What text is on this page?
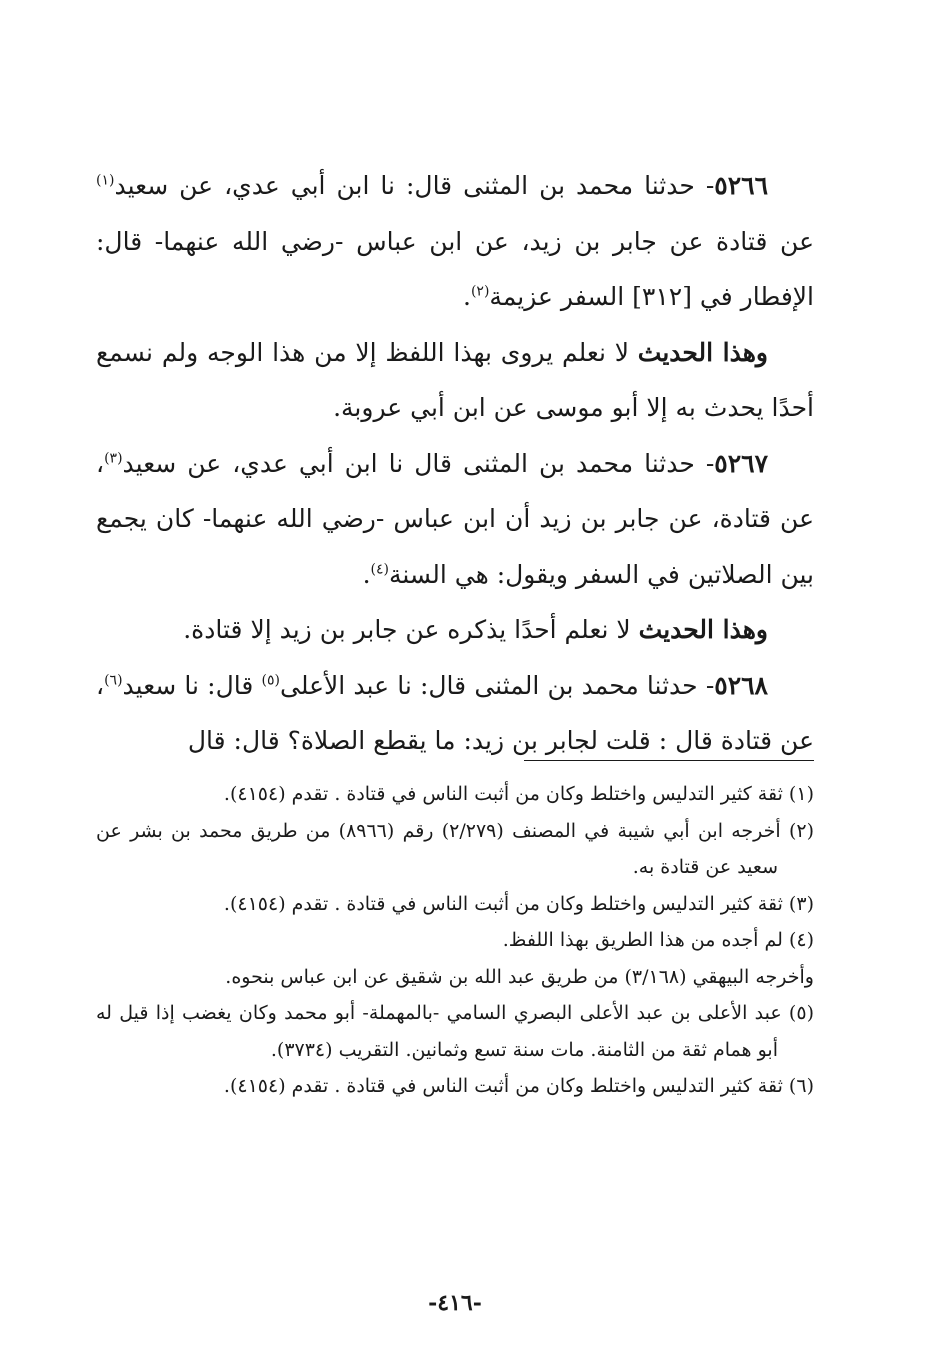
٥٢٦٦- حدثنا محمد بن المثنى قال: نا ابن أبي عدي، عن سعيد$^{(١)}$ عن قتادة عن جابر بن زيد، عن ابن عباس -رضي الله عنهما- قال: الإفطار في [٣١٢] السفر عزيمة$^{(٢)}$.

وهذا الحديث لا نعلم يروى بهذا اللفظ إلا من هذا الوجه ولم نسمع أحدًا يحدث به إلا أبو موسى عن ابن أبي عروبة.

٥٢٦٧- حدثنا محمد بن المثنى قال نا ابن أبي عدي، عن سعيد$^{(٣)}$، عن قتادة، عن جابر بن زيد أن ابن عباس -رضي الله عنهما- كان يجمع بين الصلاتين في السفر ويقول: هي السنة$^{(٤)}$.

وهذا الحديث لا نعلم أحدًا يذكره عن جابر بن زيد إلا قتادة.

٥٢٦٨- حدثنا محمد بن المثنى قال: نا عبد الأعلى$^{(٥)}$ قال: نا سعيد$^{(٦)}$، عن قتادة قال : قلت لجابر بن زيد: ما يقطع الصلاة؟ قال: قال

(١) ثقة كثير التدليس واختلط وكان من أثبت الناس في قتادة . تقدم (٤١٥٤).

(٢) أخرجه ابن أبي شيبة في المصنف (٢/٢٧٩) رقم (٨٩٦٦) من طريق محمد بن بشر عن سعيد عن قتادة به.

(٣) ثقة كثير التدليس واختلط وكان من أثبت الناس في قتادة . تقدم (٤١٥٤).

(٤) لم أجده من هذا الطريق بهذا اللفظ.

وأخرجه البيهقي (٣/١٦٨) من طريق عبد الله بن شقيق عن ابن عباس بنحوه.

(٥) عبد الأعلى بن عبد الأعلى البصري السامي -بالمهملة- أبو محمد وكان يغضب إذا قيل له أبو همام ثقة من الثامنة. مات سنة تسع وثمانين. التقريب (٣٧٣٤).

(٦) ثقة كثير التدليس واختلط وكان من أثبت الناس في قتادة . تقدم (٤١٥٤).

-٤١٦-
